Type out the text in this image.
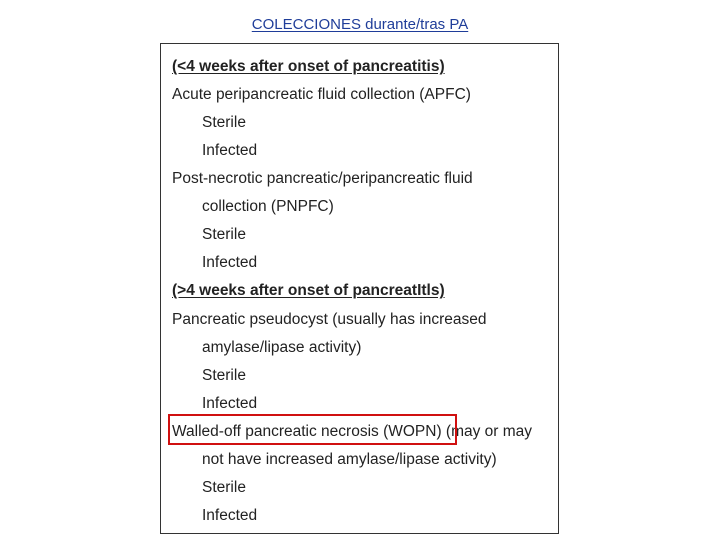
COLECCIONES durante/tras PA
(<4 weeks after onset of pancreatitis)
Acute peripancreatic fluid collection (APFC)
Sterile
Infected
Post-necrotic pancreatic/peripancreatic fluid
collection (PNPFC)
Sterile
Infected
(>4 weeks after onset of pancreatItls)
Pancreatic pseudocyst (usually has increased
amylase/lipase activity)
Sterile
Infected
Walled-off pancreatic necrosis (WOPN) (may or may
not have increased amylase/lipase activity)
Sterile
Infected
